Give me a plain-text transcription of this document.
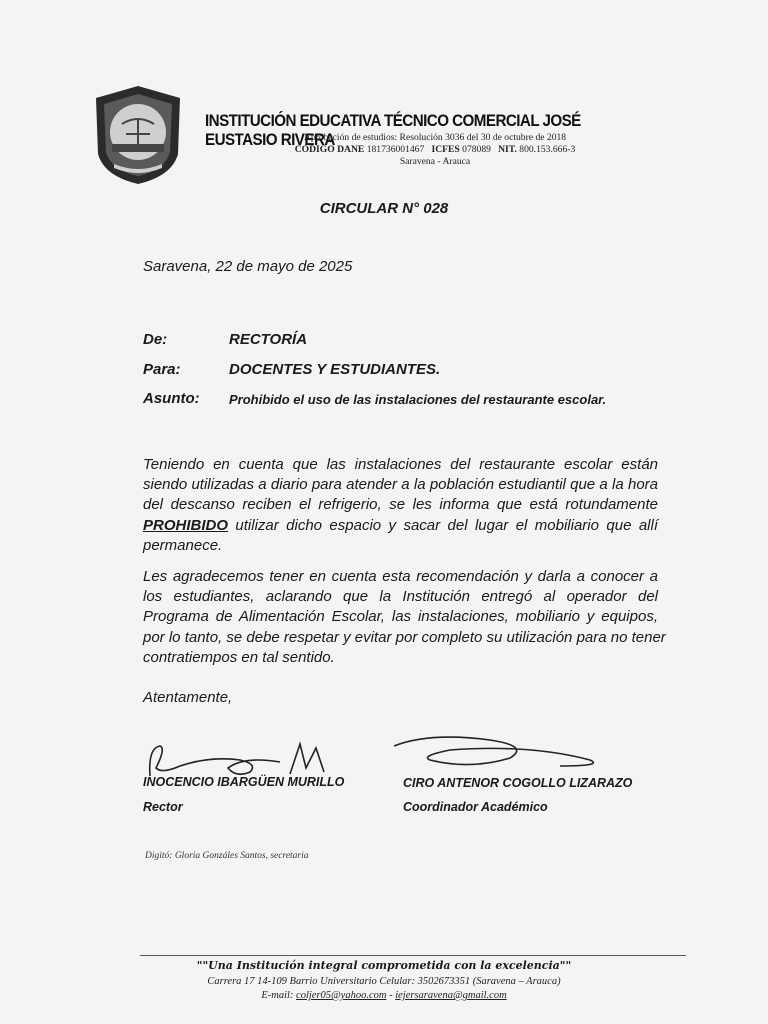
INSTITUCIÓN EDUCATIVA TÉCNICO COMERCIAL JOSÉ EUSTASIO RIVERA
Aprobación de estudios: Resolución 3036 del 30 de octubre de 2018
CÓDIGO DANE 181736001467 ICFES 078089 NIT. 800.153.666-3
Saravena - Arauca
CIRCULAR N° 028
Saravena, 22 de mayo de 2025
De:	RECTORÍA
Para:	DOCENTES Y ESTUDIANTES.
Asunto: Prohibido el uso de las instalaciones del restaurante escolar.
Teniendo en cuenta que las instalaciones del restaurante escolar están
siendo utilizadas a diario para atender a la población estudiantil que a la hora
del descanso reciben el refrigerio, se les informa que está rotundamente
PROHIBIDO utilizar dicho espacio y sacar del lugar el mobiliario que allí
permanece.
Les agradecemos tener en cuenta esta recomendación y darla a conocer a
los estudiantes, aclarando que la Institución entregó al operador del
Programa de Alimentación Escolar, las instalaciones, mobiliario y equipos,
por lo tanto, se debe respetar y evitar por completo su utilización para no tener
contratiempos en tal sentido.
Atentamente,
INOCENCIO IBARGÜEN MURILLO
Rector
CIRO ANTENOR COGOLLO LIZARAZO
Coordinador Académico
Digitó: Gloria Gonzáles Santos, secretaria
""Una Institución integral comprometida con la excelencia""
Carrera 17 14-109 Barrio Universitario Celular: 3502673351 (Saravena – Arauca)
E-mail: coljer05@yahoo.com - iejersaravena@gmail.com
